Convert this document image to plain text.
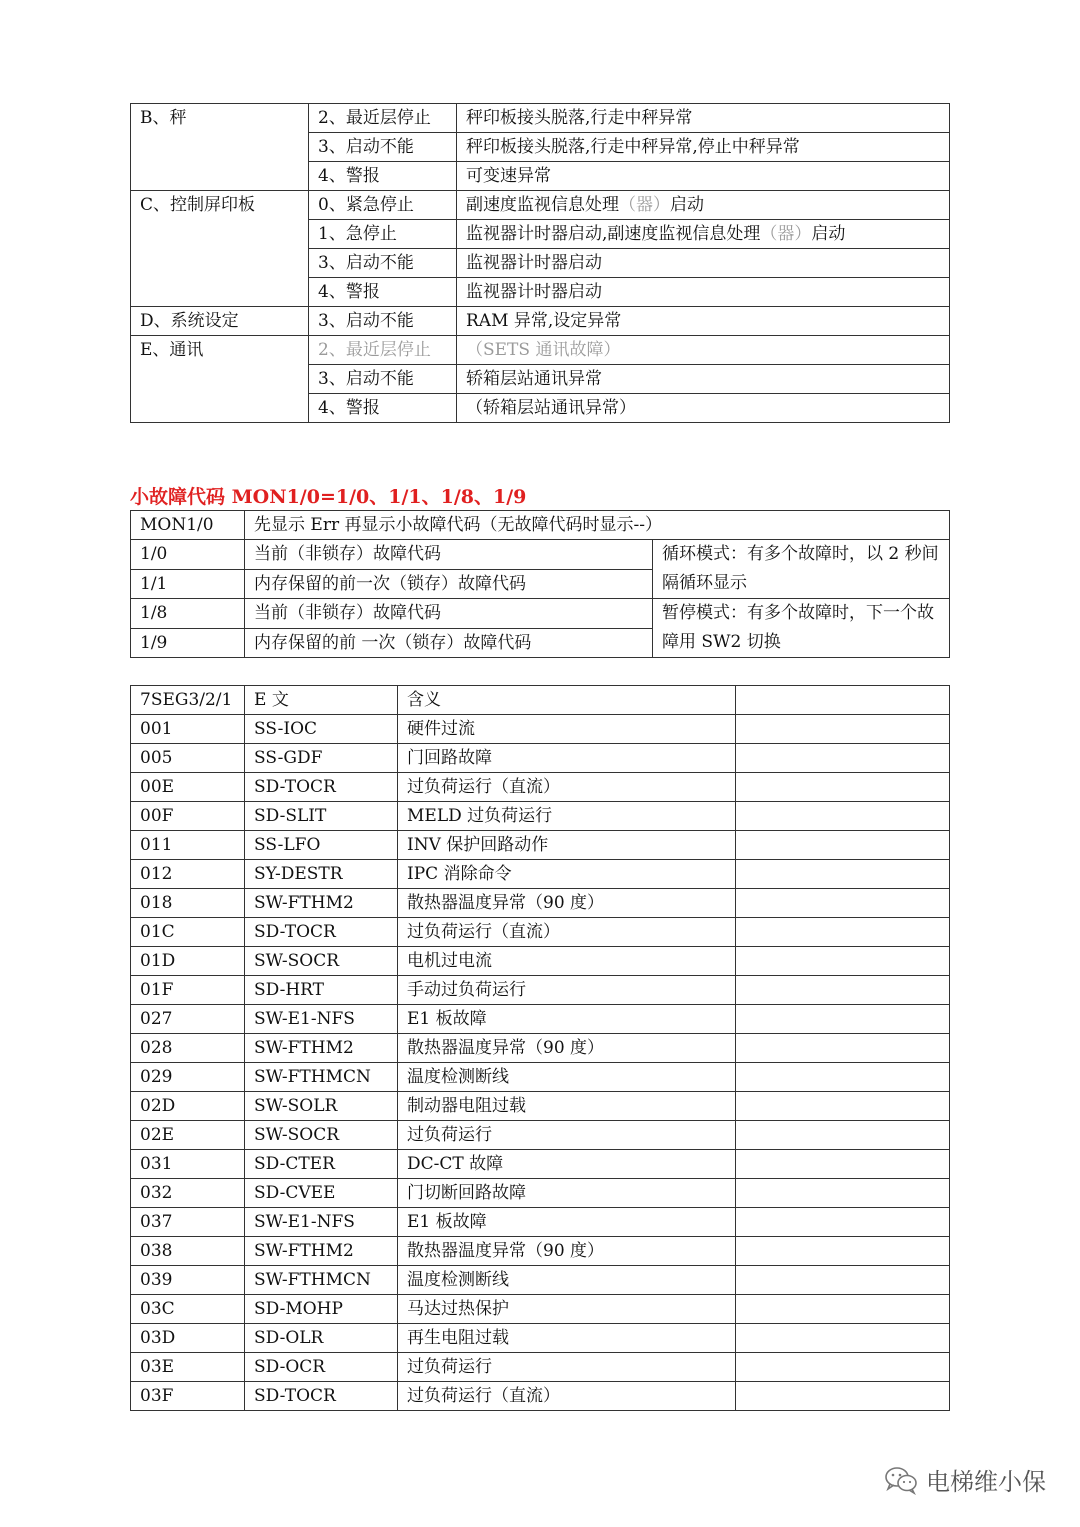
B、秤	2、最近层停止	秤印板接头脱落,行走中秤异常
	3、启动不能	秤印板接头脱落,行走中秤异常,停止中秤异常
	4、警报	可变速异常
C、控制屏印板	0、紧急停止	副速度监视信息处理（器）启动
	1、急停止	监视器计时器启动,副速度监视信息处理（器）启动
	3、启动不能	监视器计时器启动
	4、警报	监视器计时器启动
D、系统设定	3、启动不能	RAM 异常,设定异常
E、通讯	2、最近层停止	（SETS 通讯故障）
	3、启动不能	轿箱层站通讯异常
	4、警报	（轿箱层站通讯异常）
小故障代码 MON1/0=1/0、1/1、1/8、1/9
MON1/0	先显示 Err 再显示小故障代码（无故障代码时显示--）	
1/0	当前（非锁存）故障代码	循环模式：有多个故障时，以 2 秒间隔循环显示
1/1	内存保留的前一次（锁存）故障代码	
1/8	当前（非锁存）故障代码	暂停模式：有多个故障时，下一个故障用 SW2 切换
1/9	内存保留的前 一次（锁存）故障代码	
7SEG3/2/1	E 文	含义	
001	SS-IOC	硬件过流	
005	SS-GDF	门回路故障	
00E	SD-TOCR	过负荷运行（直流）	
00F	SD-SLIT	MELD 过负荷运行	
011	SS-LFO	INV 保护回路动作	
012	SY-DESTR	IPC 消除命令	
018	SW-FTHM2	散热器温度异常（90 度）	
01C	SD-TOCR	过负荷运行（直流）	
01D	SW-SOCR	电机过电流	
01F	SD-HRT	手动过负荷运行	
027	SW-E1-NFS	E1 板故障	
028	SW-FTHM2	散热器温度异常（90 度）	
029	SW-FTHMCN	温度检测断线	
02D	SW-SOLR	制动器电阻过载	
02E	SW-SOCR	过负荷运行	
031	SD-CTER	DC-CT 故障	
032	SD-CVEE	门切断回路故障	
037	SW-E1-NFS	E1 板故障	
038	SW-FTHM2	散热器温度异常（90 度）	
039	SW-FTHMCN	温度检测断线	
03C	SD-MOHP	马达过热保护	
03D	SD-OLR	再生电阻过载	
03E	SD-OCR	过负荷运行	
03F	SD-TOCR	过负荷运行（直流）	
电梯维小保
